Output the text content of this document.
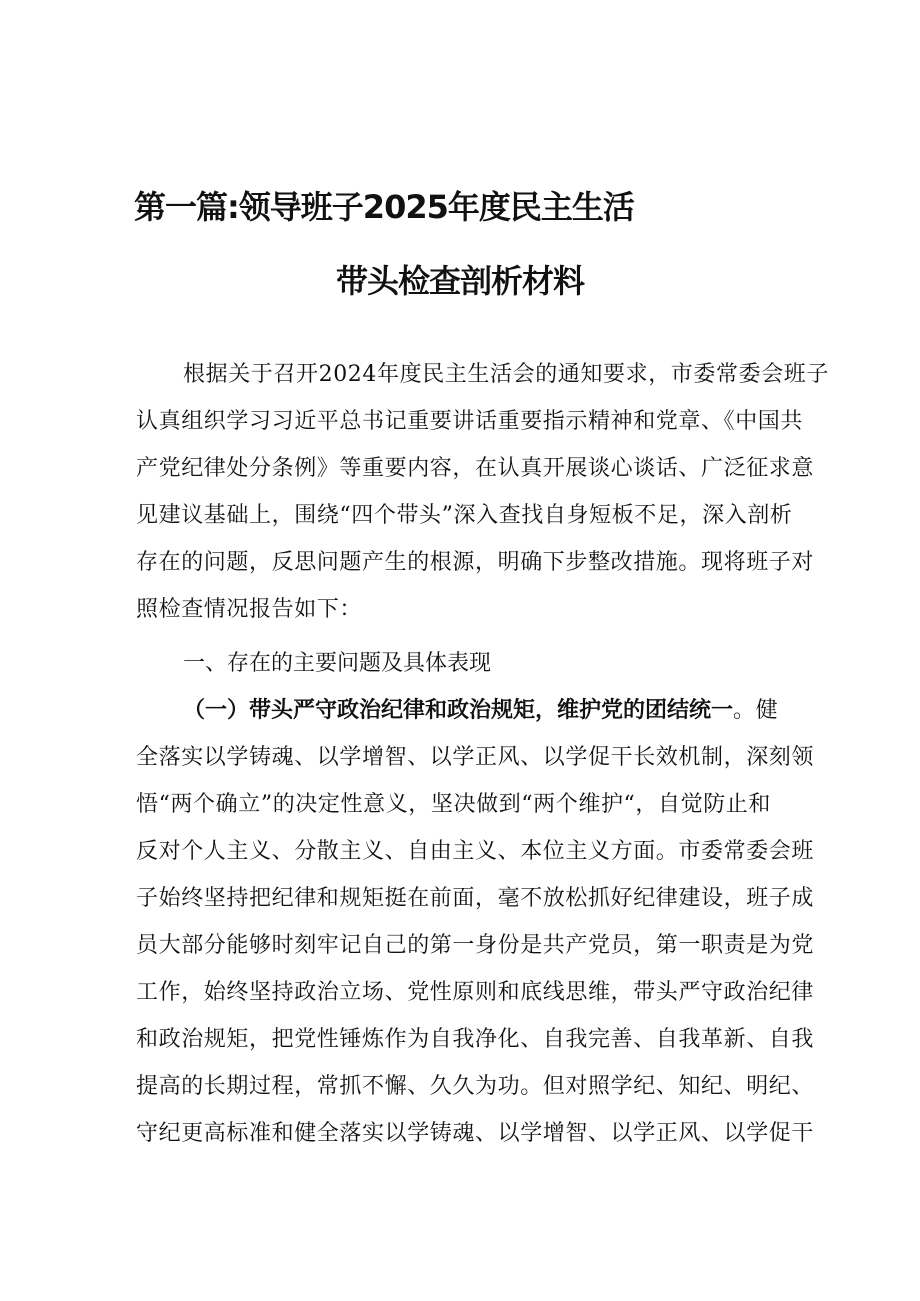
第一篇:领导班子2025年度民主生活
带头检查剖析材料
根据关于召开2024年度民主生活会的通知要求，市委常委会班子
认真组织学习习近平总书记重要讲话重要指示精神和党章、《中国共
产党纪律处分条例》等重要内容，在认真开展谈心谈话、广泛征求意
见建议基础上，围绕“四个带头”深入查找自身短板不足，深入剖析
存在的问题，反思问题产生的根源，明确下步整改措施。现将班子对
照检查情况报告如下：
一、存在的主要问题及具体表现
（一）带头严守政治纪律和政治规矩，维护党的团结统一。健
全落实以学铸魂、以学增智、以学正风、以学促干长效机制，深刻领
悟“两个确立”的决定性意义，坚决做到“两个维护“，自觉防止和
反对个人主义、分散主义、自由主义、本位主义方面。市委常委会班
子始终坚持把纪律和规矩挺在前面，毫不放松抓好纪律建设，班子成
员大部分能够时刻牢记自己的第一身份是共产党员，第一职责是为党
工作，始终坚持政治立场、党性原则和底线思维，带头严守政治纪律
和政治规矩，把党性锤炼作为自我净化、自我完善、自我革新、自我
提高的长期过程，常抓不懈、久久为功。但对照学纪、知纪、明纪、
守纪更高标准和健全落实以学铸魂、以学增智、以学正风、以学促干
